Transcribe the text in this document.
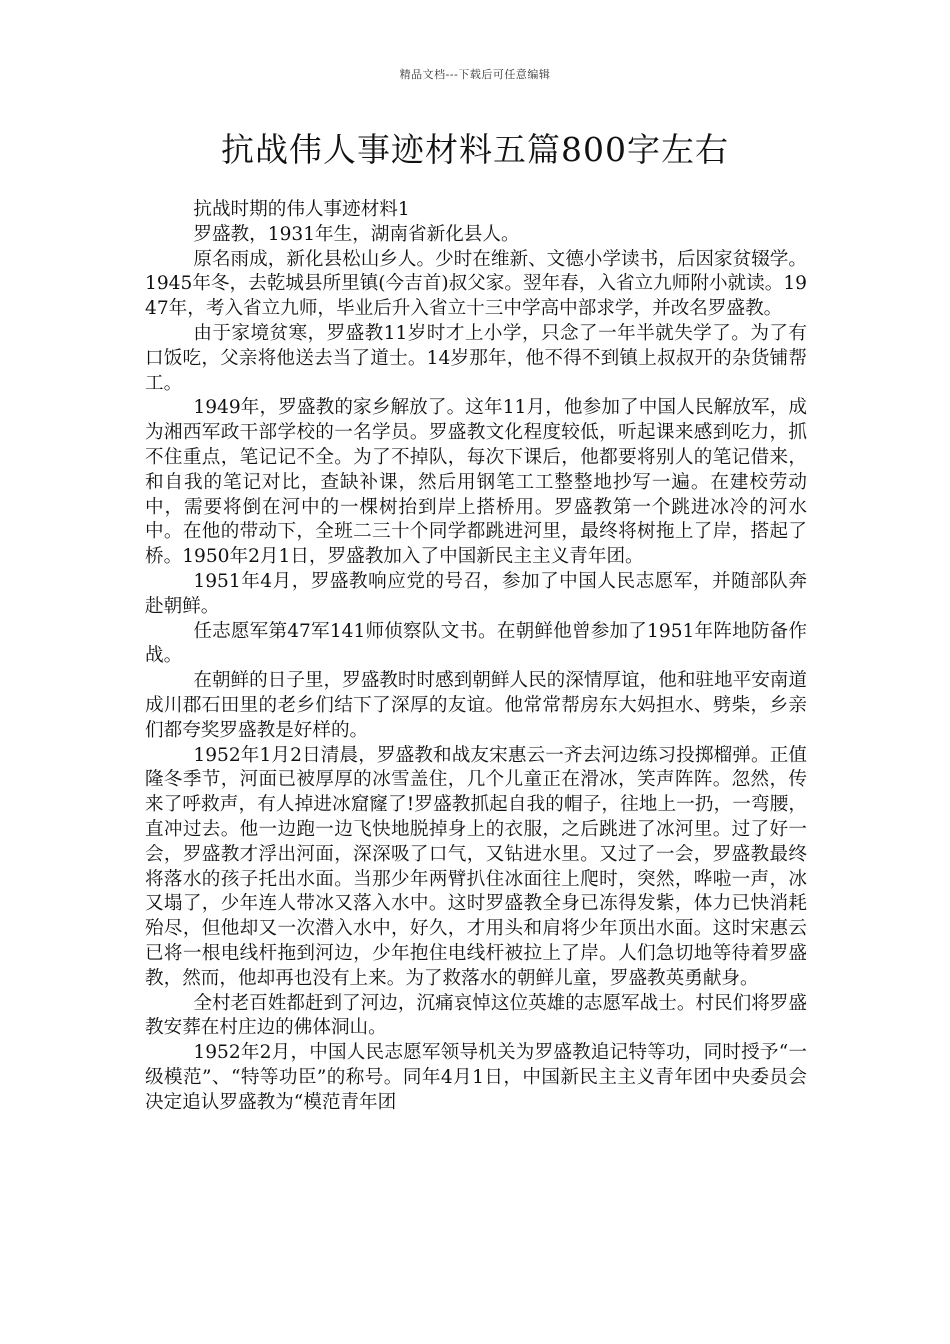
精品文档---下载后可任意编辑
抗战伟人事迹材料五篇800字左右

抗战时期的伟人事迹材料1

罗盛教，1931年生，湖南省新化县人。

原名雨成，新化县松山乡人。少时在维新、文德小学读书，后因家贫辍学。1945年冬，去乾城县所里镇(今吉首)叔父家。翌年春，入省立九师附小就读。1947年，考入省立九师，毕业后升入省立十三中学高中部求学，并改名罗盛教。

由于家境贫寒，罗盛教11岁时才上小学，只念了一年半就失学了。为了有口饭吃，父亲将他送去当了道士。14岁那年，他不得不到镇上叔叔开的杂货铺帮工。

1949年，罗盛教的家乡解放了。这年11月，他参加了中国人民解放军，成为湘西军政干部学校的一名学员。罗盛教文化程度较低，听起课来感到吃力，抓不住重点，笔记记不全。为了不掉队，每次下课后，他都要将别人的笔记借来，和自我的笔记对比，查缺补课，然后用钢笔工工整整地抄写一遍。在建校劳动中，需要将倒在河中的一棵树抬到岸上搭桥用。罗盛教第一个跳进冰冷的河水中。在他的带动下，全班二三十个同学都跳进河里，最终将树拖上了岸，搭起了桥。1950年2月1日，罗盛教加入了中国新民主主义青年团。

1951年4月，罗盛教响应党的号召，参加了中国人民志愿军，并随部队奔赴朝鲜。

任志愿军第47军141师侦察队文书。在朝鲜他曾参加了1951年阵地防备作战。

在朝鲜的日子里，罗盛教时时感到朝鲜人民的深情厚谊，他和驻地平安南道成川郡石田里的老乡们结下了深厚的友谊。他常常帮房东大妈担水、劈柴，乡亲们都夸奖罗盛教是好样的。

1952年1月2日清晨，罗盛教和战友宋惠云一齐去河边练习投掷榴弹。正值隆冬季节，河面已被厚厚的冰雪盖住，几个儿童正在滑冰，笑声阵阵。忽然，传来了呼救声，有人掉进冰窟窿了!罗盛教抓起自我的帽子，往地上一扔，一弯腰，直冲过去。他一边跑一边飞快地脱掉身上的衣服，之后跳进了冰河里。过了好一会，罗盛教才浮出河面，深深吸了口气，又钻进水里。又过了一会，罗盛教最终将落水的孩子托出水面。当那少年两臂扒住冰面往上爬时，突然，哗啦一声，冰又塌了，少年连人带冰又落入水中。这时罗盛教全身已冻得发紫，体力已快消耗殆尽，但他却又一次潜入水中，好久，才用头和肩将少年顶出水面。这时宋惠云已将一根电线杆拖到河边，少年抱住电线杆被拉上了岸。人们急切地等待着罗盛教，然而，他却再也没有上来。为了救落水的朝鲜儿童，罗盛教英勇献身。

全村老百姓都赶到了河边，沉痛哀悼这位英雄的志愿军战士。村民们将罗盛教安葬在村庄边的佛体洞山。

1952年2月，中国人民志愿军领导机关为罗盛教追记特等功，同时授予“一级模范”、“特等功臣”的称号。同年4月1日，中国新民主主义青年团中央委员会决定追认罗盛教为“模范青年团
